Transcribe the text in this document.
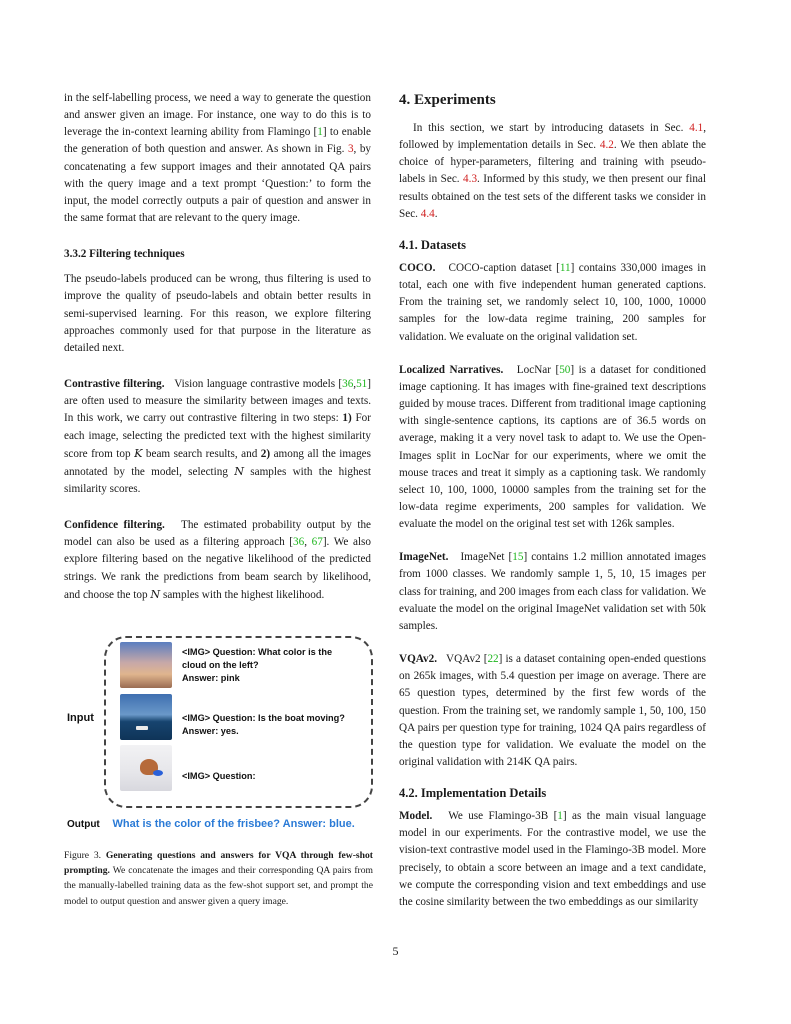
in the self-labelling process, we need a way to generate the question and answer given an image. For instance, one way to do this is to leverage the in-context learning ability from Flamingo [1] to enable the generation of both question and answer. As shown in Fig. 3, by concatenating a few support images and their annotated QA pairs with the query image and a text prompt ‘Question:’ to form the input, the model correctly outputs a pair of question and answer in the same format that are relevant to the query image.

3.3.2 Filtering techniques

The pseudo-labels produced can be wrong, thus filtering is used to improve the quality of pseudo-labels and obtain better results in semi-supervised learning. For this reason, we explore filtering approaches commonly used for that purpose in the literature as detailed next.

Contrastive filtering. Vision language contrastive models [36,51] are often used to measure the similarity between images and texts. In this work, we carry out contrastive filtering in two steps: 1) For each image, selecting the predicted text with the highest similarity score from top K beam search results, and 2) among all the images annotated by the model, selecting N samples with the highest similarity scores.

Confidence filtering. The estimated probability output by the model can also be used as a filtering approach [36, 67]. We also explore filtering based on the negative likelihood of the predicted strings. We rank the predictions from beam search by likelihood, and choose the top N samples with the highest likelihood.

Input
<IMG> Question: What color is the
cloud on the left?
Answer: pink
<IMG> Question: Is the boat moving?
Answer: yes.
<IMG> Question:
Output What is the color of the frisbee? Answer: blue.
Figure 3. Generating questions and answers for VQA through few-shot prompting. We concatenate the images and their corresponding QA pairs from the manually-labelled training data as the few-shot support set, and prompt the model to output question and answer given a query image.
4. Experiments

In this section, we start by introducing datasets in Sec. 4.1, followed by implementation details in Sec. 4.2. We then ablate the choice of hyper-parameters, filtering and training with pseudo-labels in Sec. 4.3. Informed by this study, we then present our final results obtained on the test sets of the different tasks we consider in Sec. 4.4.

4.1. Datasets

COCO. COCO-caption dataset [11] contains 330,000 images in total, each one with five independent human generated captions. From the training set, we randomly select 10, 100, 1000, 10000 samples for the low-data regime training, 200 samples for validation. We evaluate on the original validation set.

Localized Narratives. LocNar [50] is a dataset for conditioned image captioning. It has images with fine-grained text descriptions guided by mouse traces. Different from traditional image captioning with single-sentence captions, its captions are of 36.5 words on average, making it a very novel task to adapt to. We use the Open-Images split in LocNar for our experiments, where we omit the mouse traces and treat it simply as a captioning task. We randomly select 10, 100, 1000, 10000 samples from the training set for the low-data regime experiments, 200 samples for validation. We evaluate the model on the original test set with 126k samples.

ImageNet. ImageNet [15] contains 1.2 million annotated images from 1000 classes. We randomly sample 1, 5, 10, 15 images per class for training, and 200 images from each class for validation. We evaluate the model on the original ImageNet validation set with 50k samples.

VQAv2. VQAv2 [22] is a dataset containing open-ended questions on 265k images, with 5.4 question per image on average. There are 65 question types, determined by the first few words of the question. From the training set, we randomly sample 1, 50, 100, 150 QA pairs per question type for training, 1024 QA pairs regardless of the question type for validation. We evaluate the model on the original validation with 214K QA pairs.

4.2. Implementation Details

Model. We use Flamingo-3B [1] as the main visual language model in our experiments. For the contrastive model, we use the vision-text contrastive model used in the Flamingo-3B model. More precisely, to obtain a score between an image and a text candidate, we compute the corresponding vision and text embeddings and use the cosine similarity between the two embeddings as our similarity

5
